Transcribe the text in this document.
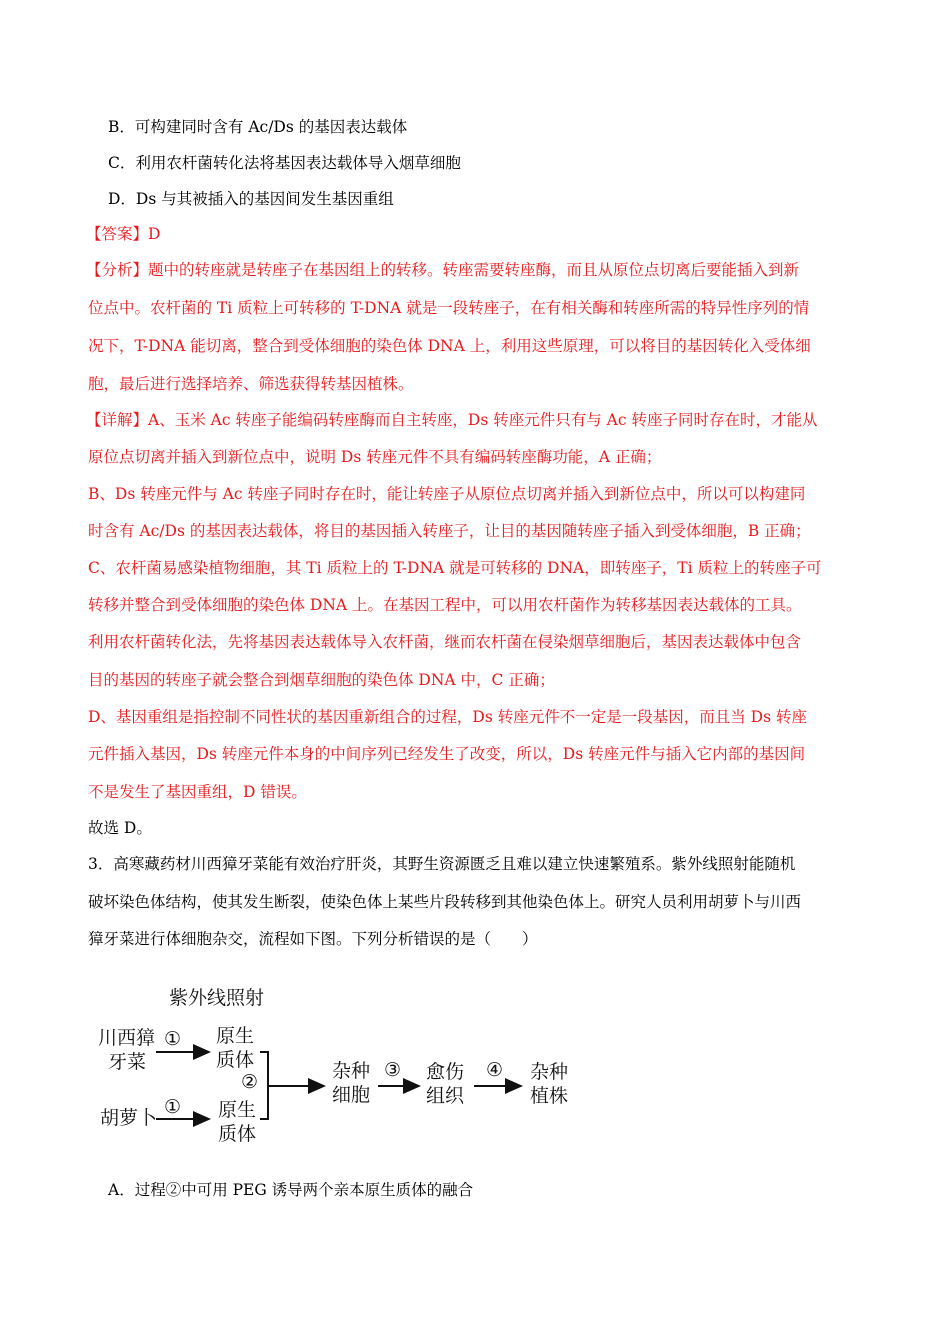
B．可构建同时含有 Ac/Ds 的基因表达载体
C．利用农杆菌转化法将基因表达载体导入烟草细胞
D．Ds 与其被插入的基因间发生基因重组
【答案】D
【分析】题中的转座就是转座子在基因组上的转移。转座需要转座酶，而且从原位点切离后要能插入到新
位点中。农杆菌的 Ti 质粒上可转移的 T-DNA 就是一段转座子，在有相关酶和转座所需的特异性序列的情
况下，T-DNA 能切离，整合到受体细胞的染色体 DNA 上，利用这些原理，可以将目的基因转化入受体细
胞，最后进行选择培养、筛选获得转基因植株。
【详解】A、玉米 Ac 转座子能编码转座酶而自主转座，Ds 转座元件只有与 Ac 转座子同时存在时，才能从
原位点切离并插入到新位点中，说明 Ds 转座元件不具有编码转座酶功能，A 正确；
B、Ds 转座元件与 Ac 转座子同时存在时，能让转座子从原位点切离并插入到新位点中，所以可以构建同
时含有 Ac/Ds 的基因表达载体，将目的基因插入转座子，让目的基因随转座子插入到受体细胞，B 正确；
C、农杆菌易感染植物细胞，其 Ti 质粒上的 T-DNA 就是可转移的 DNA，即转座子，Ti 质粒上的转座子可
转移并整合到受体细胞的染色体 DNA 上。在基因工程中，可以用农杆菌作为转移基因表达载体的工具。
利用农杆菌转化法，先将基因表达载体导入农杆菌，继而农杆菌在侵染烟草细胞后，基因表达载体中包含
目的基因的转座子就会整合到烟草细胞的染色体 DNA 中，C 正确；
D、基因重组是指控制不同性状的基因重新组合的过程，Ds 转座元件不一定是一段基因，而且当 Ds 转座
元件插入基因，Ds 转座元件本身的中间序列已经发生了改变，所以，Ds 转座元件与插入它内部的基因间
不是发生了基因重组，D 错误。
故选 D。
3．高寒藏药材川西獐牙菜能有效治疗肝炎，其野生资源匮乏且难以建立快速繁殖系。紫外线照射能随机
破坏染色体结构，使其发生断裂，使染色体上某些片段转移到其他染色体上。研究人员利用胡萝卜与川西
獐牙菜进行体细胞杂交，流程如下图。下列分析错误的是（　　）
紫外线照射
川西獐
牙菜
① 原生
质体
②
胡萝卜 ① 原生
质体
杂种
细胞
③ 愈伤
组织
④ 杂种
植株
A．过程②中可用 PEG 诱导两个亲本原生质体的融合
